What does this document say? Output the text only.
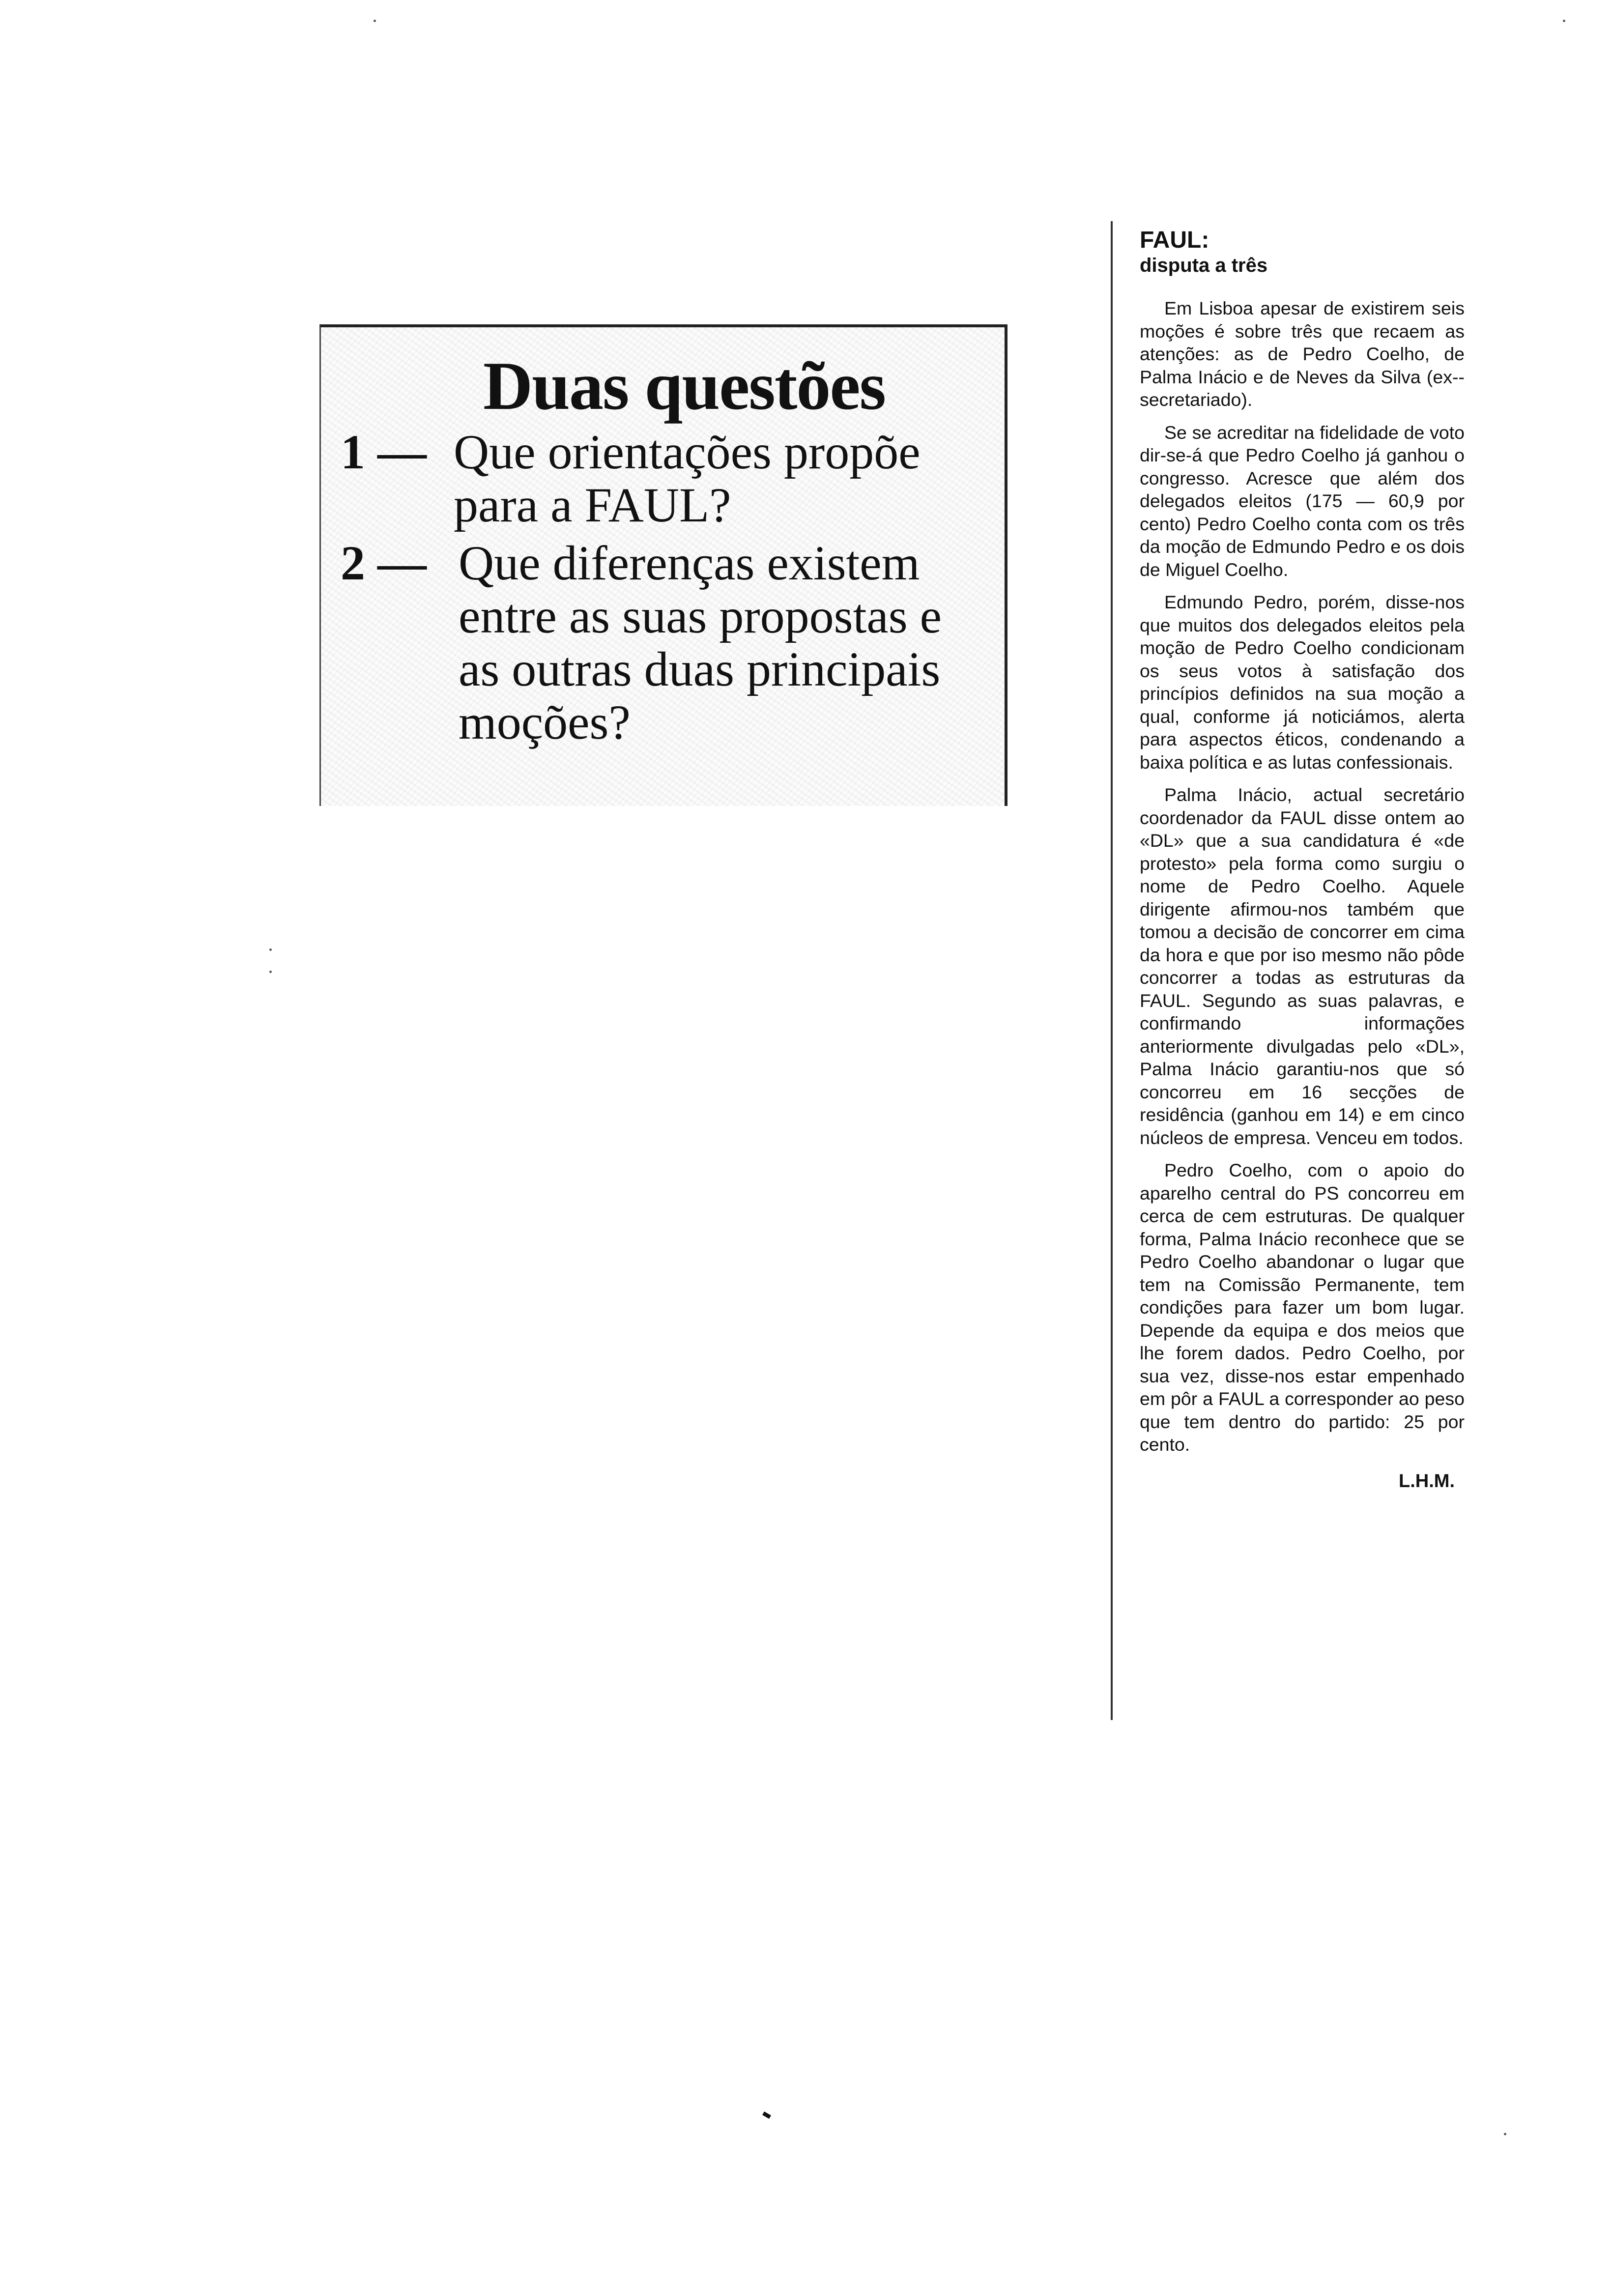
Duas questões
1 — Que orientações propõe para a FAUL?
2 — Que diferenças existem entre as suas propostas e as outras duas principais moções?
FAUL:
disputa a três

Em Lisboa apesar de existirem seis moções é sobre três que recaem as atenções: as de Pedro Coelho, de Palma Inácio e de Neves da Silva (ex--secretariado).

Se se acreditar na fidelidade de voto dir-se-á que Pedro Coelho já ganhou o congresso. Acresce que além dos delegados eleitos (175 — 60,9 por cento) Pedro Coelho conta com os três da moção de Edmundo Pedro e os dois de Miguel Coelho.

Edmundo Pedro, porém, disse-nos que muitos dos delegados eleitos pela moção de Pedro Coelho condicionam os seus votos à satisfação dos princípios definidos na sua moção a qual, conforme já noticiámos, alerta para aspectos éticos, condenando a baixa política e as lutas confessionais.

Palma Inácio, actual secretário coordenador da FAUL disse ontem ao «DL» que a sua candidatura é «de protesto» pela forma como surgiu o nome de Pedro Coelho. Aquele dirigente afirmou-nos também que tomou a decisão de concorrer em cima da hora e que por iso mesmo não pôde concorrer a todas as estruturas da FAUL. Segundo as suas palavras, e confirmando informações anteriormente divulgadas pelo «DL», Palma Inácio garantiu-nos que só concorreu em 16 secções de residência (ganhou em 14) e em cinco núcleos de empresa. Venceu em todos.

Pedro Coelho, com o apoio do aparelho central do PS concorreu em cerca de cem estruturas. De qualquer forma, Palma Inácio reconhece que se Pedro Coelho abandonar o lugar que tem na Comissão Permanente, tem condições para fazer um bom lugar. Depende da equipa e dos meios que lhe forem dados. Pedro Coelho, por sua vez, disse-nos estar empenhado em pôr a FAUL a corresponder ao peso que tem dentro do partido: 25 por cento.

L.H.M.
